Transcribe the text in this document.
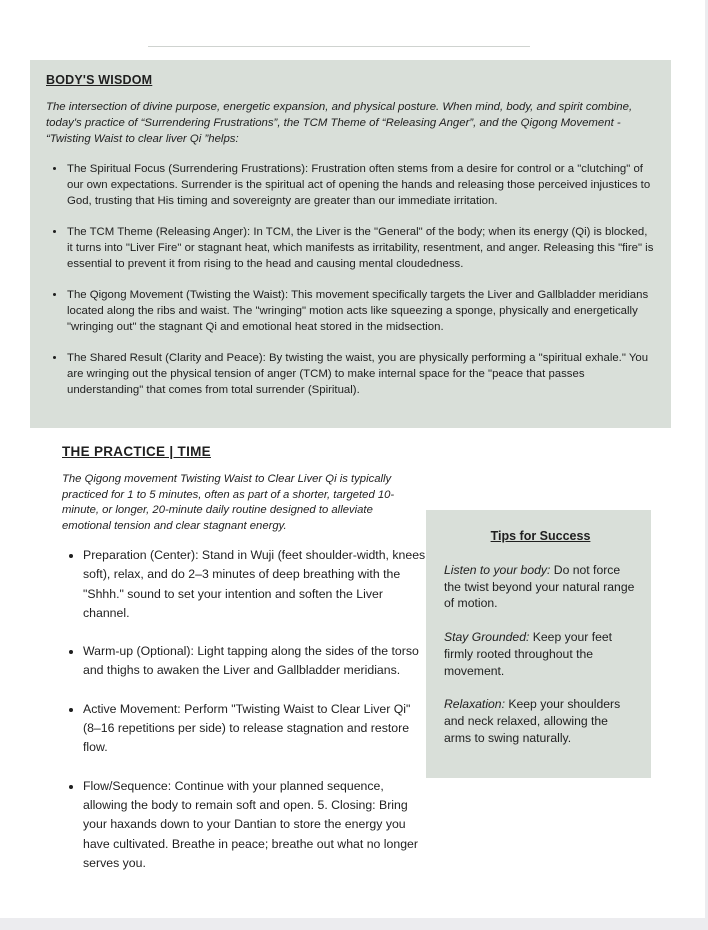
BODY'S WISDOM

The intersection of divine purpose, energetic expansion, and physical posture. When mind, body, and spirit combine, today's practice of “Surrendering Frustrations”, the TCM Theme of “Releasing Anger”, and the Qigong Movement - “Twisting Waist to clear liver Qi ”helps:

• The Spiritual Focus (Surrendering Frustrations): Frustration often stems from a desire for control or a "clutching" of our own expectations. Surrender is the spiritual act of opening the hands and releasing those perceived injustices to God, trusting that His timing and sovereignty are greater than our immediate irritation.
• The TCM Theme (Releasing Anger): In TCM, the Liver is the "General" of the body; when its energy (Qi) is blocked, it turns into "Liver Fire" or stagnant heat, which manifests as irritability, resentment, and anger. Releasing this "fire" is essential to prevent it from rising to the head and causing mental cloudedness.
• The Qigong Movement (Twisting the Waist): This movement specifically targets the Liver and Gallbladder meridians located along the ribs and waist. The "wringing" motion acts like squeezing a sponge, physically and energetically "wringing out" the stagnant Qi and emotional heat stored in the midsection.
• The Shared Result (Clarity and Peace): By twisting the waist, you are physically performing a "spiritual exhale." You are wringing out the physical tension of anger (TCM) to make internal space for the "peace that passes understanding" that comes from total surrender (Spiritual).
THE PRACTICE | TIME

The Qigong movement Twisting Waist to Clear Liver Qi is typically practiced for 1 to 5 minutes, often as part of a shorter, targeted 10-minute, or longer, 20-minute daily routine designed to alleviate emotional tension and clear stagnant energy.

• Preparation (Center): Stand in Wuji (feet shoulder-width, knees soft), relax, and do 2–3 minutes of deep breathing with the "Shhh." sound to set your intention and soften the Liver channel.
• Warm-up (Optional): Light tapping along the sides of the torso and thighs to awaken the Liver and Gallbladder meridians.
• Active Movement: Perform "Twisting Waist to Clear Liver Qi" (8–16 repetitions per side) to release stagnation and restore flow.
• Flow/Sequence: Continue with your planned sequence, allowing the body to remain soft and open. 5. Closing: Bring your haxands down to your Dantian to store the energy you have cultivated. Breathe in peace; breathe out what no longer serves you.
Tips for Success

Listen to your body: Do not force the twist beyond your natural range of motion.

Stay Grounded: Keep your feet firmly rooted throughout the movement.

Relaxation: Keep your shoulders and neck relaxed, allowing the arms to swing naturally.
